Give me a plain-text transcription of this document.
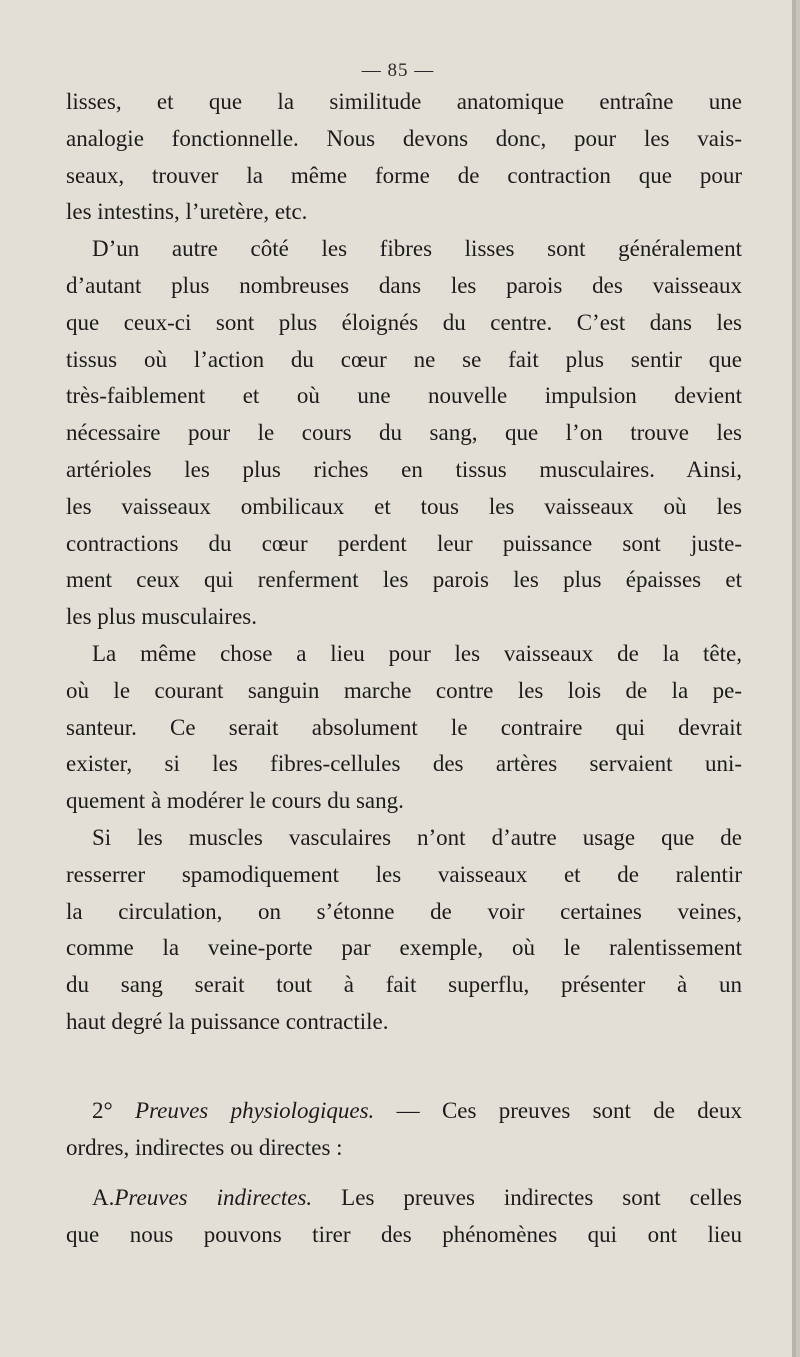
— 85 —
lisses, et que la similitude anatomique entraîne une
analogie fonctionnelle. Nous devons donc, pour les vais-
seaux, trouver la même forme de contraction que pour
les intestins, l’uretère, etc.
D’un autre côté les fibres lisses sont généralement
d’autant plus nombreuses dans les parois des vaisseaux
que ceux-ci sont plus éloignés du centre. C’est dans les
tissus où l’action du cœur ne se fait plus sentir que
très-faiblement et où une nouvelle impulsion devient
nécessaire pour le cours du sang, que l’on trouve les
artérioles les plus riches en tissus musculaires. Ainsi,
les vaisseaux ombilicaux et tous les vaisseaux où les
contractions du cœur perdent leur puissance sont juste-
ment ceux qui renferment les parois les plus épaisses et
les plus musculaires.
La même chose a lieu pour les vaisseaux de la tête,
où le courant sanguin marche contre les lois de la pe-
santeur. Ce serait absolument le contraire qui devrait
exister, si les fibres-cellules des artères servaient uni-
quement à modérer le cours du sang.
Si les muscles vasculaires n’ont d’autre usage que de
resserrer spamodiquement les vaisseaux et de ralentir
la circulation, on s’étonne de voir certaines veines,
comme la veine-porte par exemple, où le ralentissement
du sang serait tout à fait superflu, présenter à un
haut degré la puissance contractile.
2° Preuves physiologiques. — Ces preuves sont de deux
ordres, indirectes ou directes :
A.Preuves indirectes. Les preuves indirectes sont celles
que nous pouvons tirer des phénomènes qui ont lieu
